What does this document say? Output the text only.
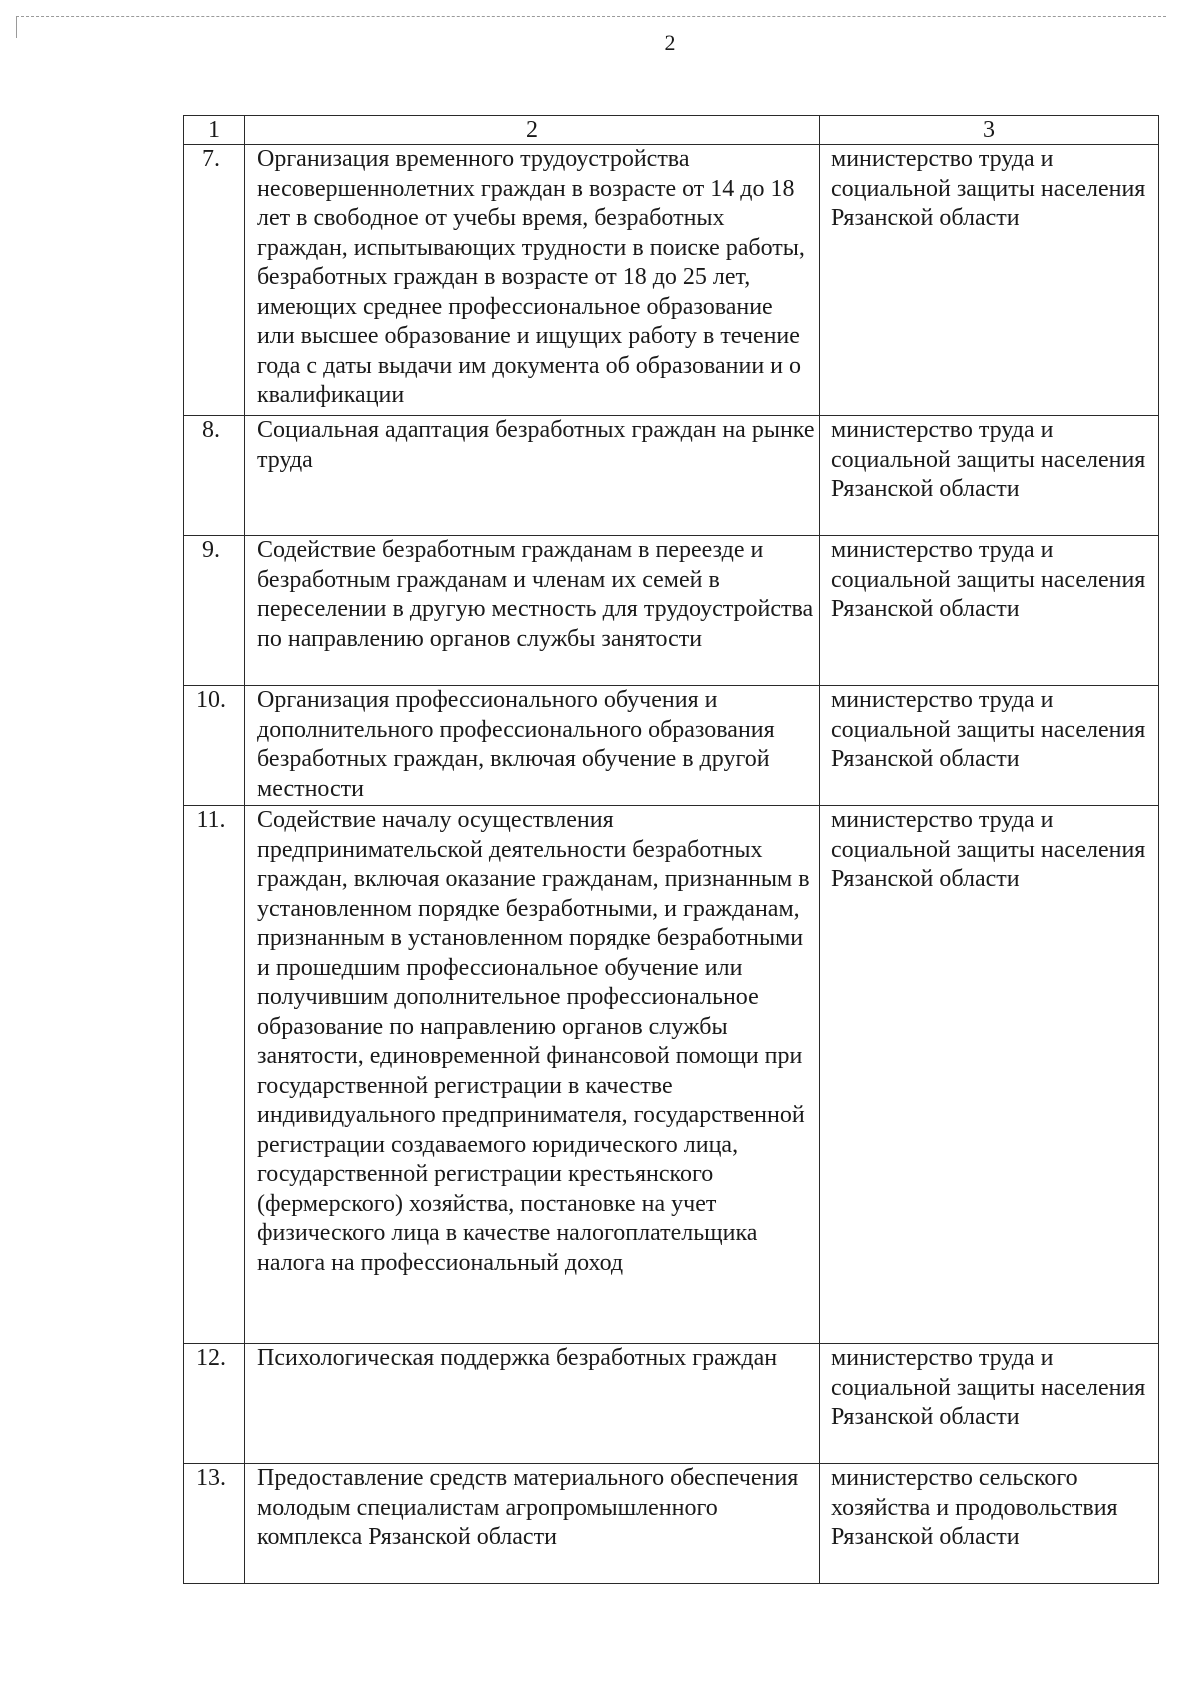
2
1	2	3
7.	Организация временного трудоустройства несовершеннолетних граждан в возрасте от 14 до 18 лет в свободное от учебы время, безработных граждан, испытывающих трудности в поиске работы, безработных граждан в возрасте от 18 до 25 лет, имеющих среднее профессиональное образование или высшее образование и ищущих работу в течение года с даты выдачи им документа об образовании и о квалификации	министерство труда и социальной защиты населения Рязанской области
8.	Социальная адаптация безработных граждан на рынке труда	министерство труда и социальной защиты населения Рязанской области
9.	Содействие безработным гражданам в переезде и безработным гражданам и членам их семей в переселении в другую местность для трудоустройства по направлению органов службы занятости	министерство труда и социальной защиты населения Рязанской области
10.	Организация профессионального обучения и дополнительного профессионального образования безработных граждан, включая обучение в другой местности	министерство труда и социальной защиты населения Рязанской области
11.	Содействие началу осуществления предпринимательской деятельности безработных граждан, включая оказание гражданам, признанным в установленном порядке безработными, и гражданам, признанным в установленном порядке безработными и прошедшим профессиональное обучение или получившим дополнительное профессиональное образование по направлению органов службы занятости, единовременной финансовой помощи при государственной регистрации в качестве индивидуального предпринимателя, государственной регистрации создаваемого юридического лица, государственной регистрации крестьянского (фермерского) хозяйства, постановке на учет физического лица в качестве налогоплательщика налога на профессиональный доход	министерство труда и социальной защиты населения Рязанской области
12.	Психологическая поддержка безработных граждан	министерство труда и социальной защиты населения Рязанской области
13.	Предоставление средств материального обеспечения молодым специалистам агропромышленного комплекса Рязанской области	министерство сельского хозяйства и продовольствия Рязанской области
